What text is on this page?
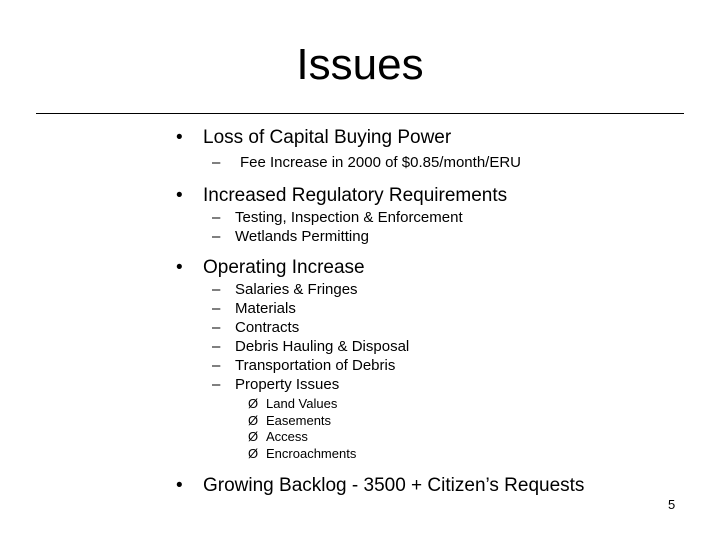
Issues
• Loss of Capital Buying Power
– Fee Increase in 2000 of $0.85/month/ERU
• Increased Regulatory Requirements
– Testing, Inspection & Enforcement
– Wetlands Permitting
• Operating Increase
– Salaries & Fringes
– Materials
– Contracts
– Debris Hauling & Disposal
– Transportation of Debris
– Property Issues
Ø Land Values
Ø Easements
Ø Access
Ø Encroachments
• Growing Backlog - 3500 + Citizen’s Requests
5
